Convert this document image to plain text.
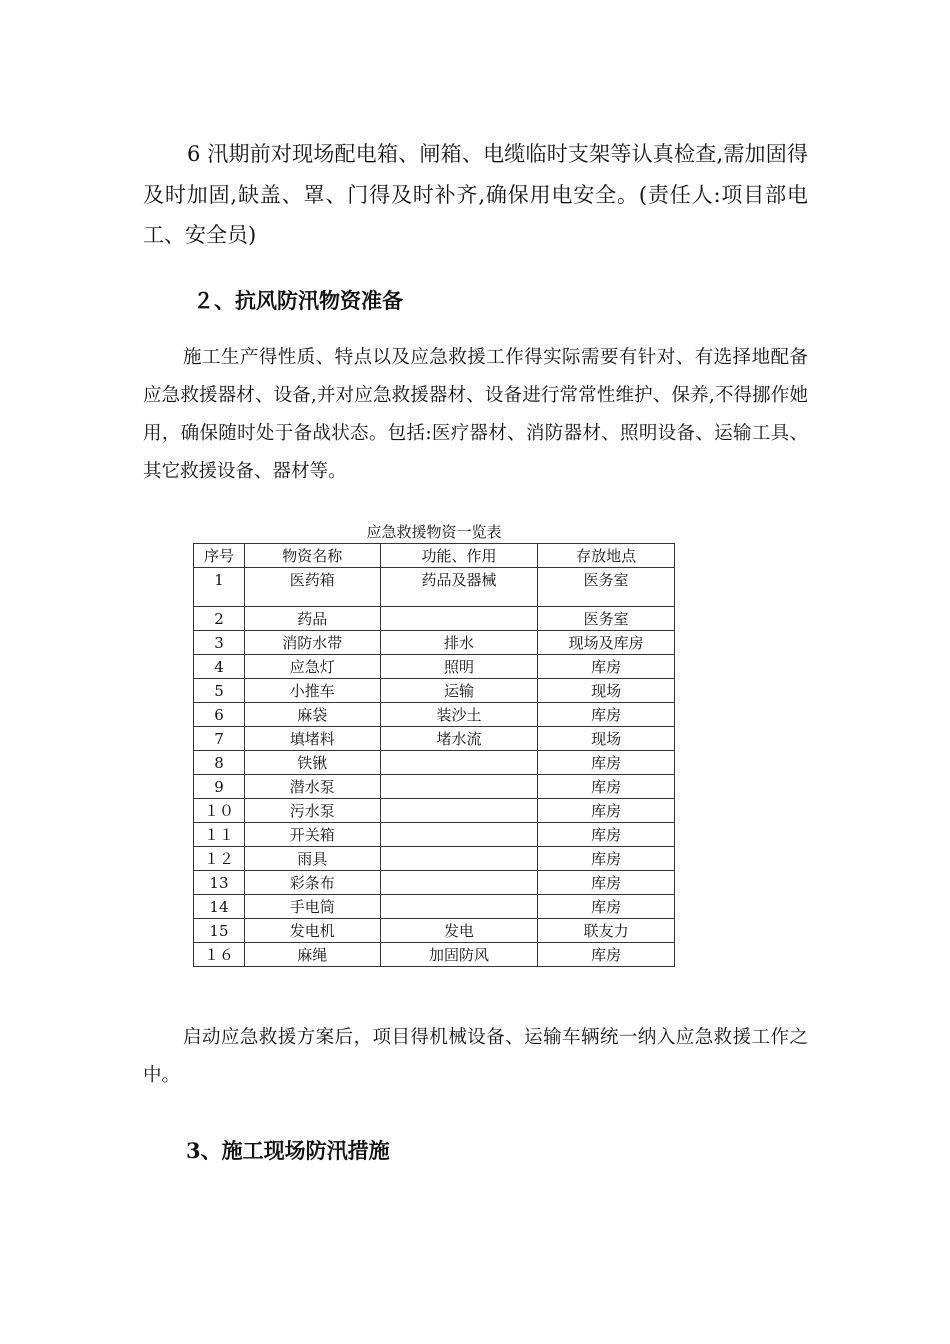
6 汛期前对现场配电箱、闸箱、电缆临时支架等认真检查,需加固得及时加固,缺盖、罩、门得及时补齐,确保用电安全。(责任人:项目部电工、安全员)

２、抗风防汛物资准备

施工生产得性质、特点以及应急救援工作得实际需要有针对、有选择地配备应急救援器材、设备,并对应急救援器材、设备进行常常性维护、保养,不得挪作她用，确保随时处于备战状态。包括:医疗器材、消防器材、照明设备、运输工具、其它救援设备、器材等。

应急救援物资一览表
序号	物资名称	功能、作用	存放地点
1	医药箱	药品及器械	医务室
2	药品		医务室
3	消防水带	排水	现场及库房
4	应急灯	照明	库房
5	小推车	运输	现场
6	麻袋	装沙土	库房
7	填堵料	堵水流	现场
8	铁锹		库房
9	潜水泵		库房
１０	污水泵		库房
１１	开关箱		库房
１２	雨具		库房
13	彩条布		库房
14	手电筒		库房
15	发电机	发电	联友力
１６	麻绳	加固防风	库房

启动应急救援方案后，项目得机械设备、运输车辆统一纳入应急救援工作之中。

3、施工现场防汛措施
